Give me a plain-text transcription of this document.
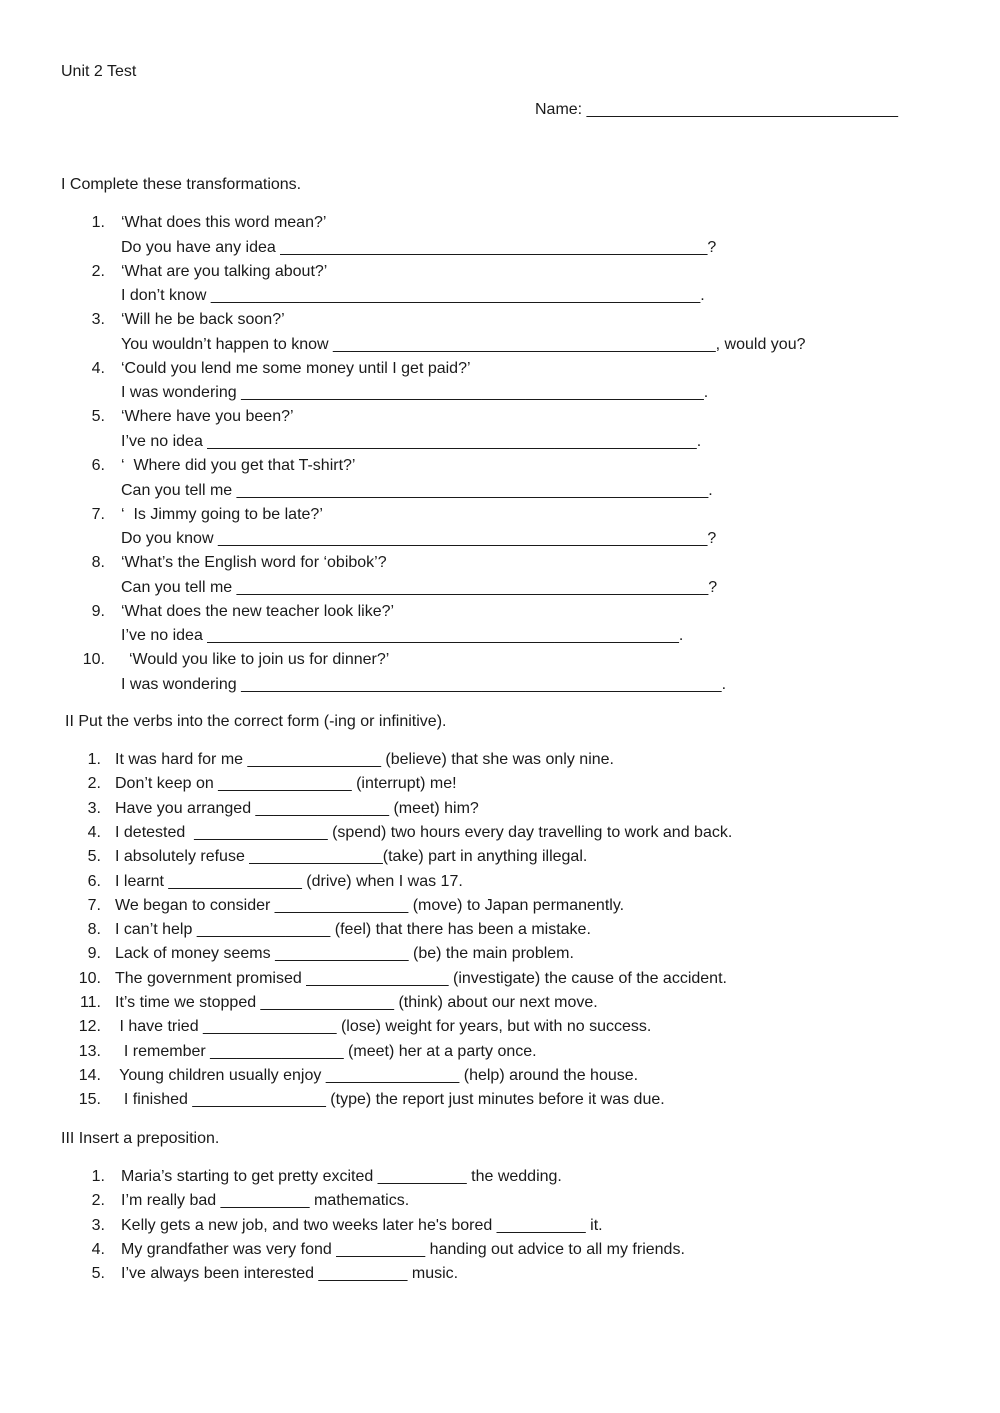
Unit 2 Test
Name: ___________________________________
I Complete these transformations.
1. ‘What does this word mean?’
Do you have any idea ________________________________________________?
2. ‘What are you talking about?’
I don’t know _______________________________________________________.
3. ‘Will he be back soon?’
You wouldn’t happen to know ___________________________________________, would you?
4. ‘Could you lend me some money until I get paid?’
I was wondering ____________________________________________________.
5. ‘Where have you been?’
I’ve no idea _______________________________________________________.
6. ‘  Where did you get that T-shirt?’
Can you tell me _____________________________________________________.
7. ‘  Is Jimmy going to be late?’
Do you know _______________________________________________________?
8. ‘What’s the English word for ‘obibok’?
Can you tell me _____________________________________________________?
9. ‘What does the new teacher look like?’
I’ve no idea _____________________________________________________.
10. ‘Would you like to join us for dinner?’
I was wondering ______________________________________________________.
II Put the verbs into the correct form (-ing or infinitive).
1. It was hard for me _______________ (believe) that she was only nine.
2. Don’t keep on _______________ (interrupt) me!
3. Have you arranged _______________ (meet) him?
4. I detested  _______________ (spend) two hours every day travelling to work and back.
5. I absolutely refuse _______________(take) part in anything illegal.
6. I learnt _______________ (drive) when I was 17.
7. We began to consider _______________ (move) to Japan permanently.
8. I can’t help _______________ (feel) that there has been a mistake.
9. Lack of money seems _______________ (be) the main problem.
10. The government promised ________________ (investigate) the cause of the accident.
11. It’s time we stopped _______________ (think) about our next move.
12. I have tried _______________ (lose) weight for years, but with no success.
13. I remember _______________ (meet) her at a party once.
14. Young children usually enjoy _______________ (help) around the house.
15. I finished _______________ (type) the report just minutes before it was due.
III Insert a preposition.
1. Maria’s starting to get pretty excited __________ the wedding.
2. I’m really bad __________ mathematics.
3. Kelly gets a new job, and two weeks later he's bored __________ it.
4. My grandfather was very fond __________ handing out advice to all my friends.
5. I’ve always been interested __________ music.
